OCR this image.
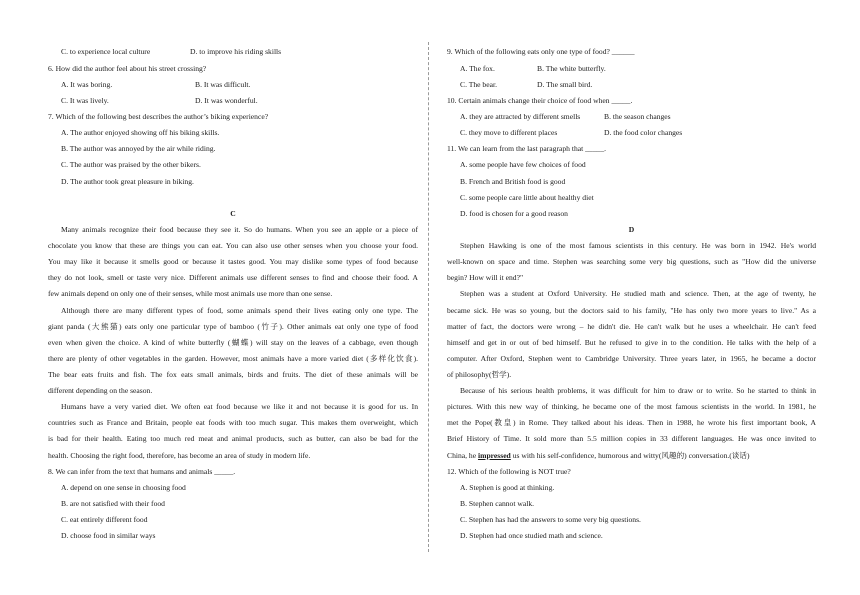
C. to experience local culture	D. to improve his riding skills
6. How did the author feel about his street crossing?
A. It was boring.	B. It was difficult.
C. It was lively.	D. It was wonderful.
7. Which of the following best describes the author’s biking experience?
A. The author enjoyed showing off his biking skills.
B. The author was annoyed by the air while riding.
C. The author was praised by the other bikers.
D. The author took great pleasure in biking.
C
Many animals recognize their food because they see it. So do humans. When you see an apple or a piece of
chocolate you know that these are things you can eat. You can also use other senses when you choose your food.
You may like it because it smells good or because it tastes good. You may dislike some types of food because
they do not look, smell or taste very nice. Different animals use different senses to find and choose their food. A
few animals depend on only one of their senses, while most animals use more than one sense.
Although there are many different types of food, some animals spend their lives eating only one type. The
giant panda (大熊猫) eats only one particular type of bamboo (竹子). Other animals eat only one type of food
even when given the choice. A kind of white butterfly (蝴蝶) will stay on the leaves of a cabbage, even though
there are plenty of other vegetables in the garden. However, most animals have a more varied diet (多样化饮食).
The bear eats fruits and fish. The fox eats small animals, birds and fruits. The diet of these animals will be
different depending on the season.
Humans have a very varied diet. We often eat food because we like it and not because it is good for us. In
countries such as France and Britain, people eat foods with too much sugar. This makes them overweight, which
is bad for their health. Eating too much red meat and animal products, such as butter, can also be bad for the
health. Choosing the right food, therefore, has become an area of study in modern life.
8. We can infer from the text that humans and animals _____.
A. depend on one sense in choosing food
B. are not satisfied with their food
C. eat entirely different food
D. choose food in similar ways
9. Which of the following eats only one type of food? ______
A. The fox.	B. The white butterfly.
C. The bear.	D. The small bird.
10. Certain animals change their choice of food when _____.
A. they are attracted by different smells	B. the season changes
C. they move to different places	D. the food color changes
11. We can learn from the last paragraph that _____.
A. some people have few choices of food
B. French and British food is good
C. some people care little about healthy diet
D. food is chosen for a good reason
D
Stephen Hawking is one of the most famous scientists in this century. He was born in 1942. He's world
well-known on space and time. Stephen was searching some very big questions, such as "How did the universe
begin? How will it end?"
Stephen was a student at Oxford University. He studied math and science. Then, at the age of twenty, he
became sick. He was so young, but the doctors said to his family, "He has only two more years to live." As a
matter of fact, the doctors were wrong – he didn't die. He can't walk but he uses a wheelchair. He can't feed
himself and get in or out of bed himself. But he refused to give in to the condition. He talks with the help of a
computer. After Oxford, Stephen went to Cambridge University. Three years later, in 1965, he became a doctor
of philosophy(哲学).
Because of his serious health problems, it was difficult for him to draw or to write. So he started to think in
pictures. With this new way of thinking, he became one of the most famous scientists in the world. In 1981, he
met the Pope(教皇) in Rome. They talked about his ideas. Then in 1988, he wrote his first important book, A
Brief History of Time. It sold more than 5.5 million copies in 33 different languages. He was once invited to
China, he impressed us with his self-confidence, humorous and witty(风趣的) conversation.(谈话)
12. Which of the following is NOT true?
A. Stephen is good at thinking.
B. Stephen cannot walk.
C. Stephen has had the answers to some very big questions.
D. Stephen had once studied math and science.
